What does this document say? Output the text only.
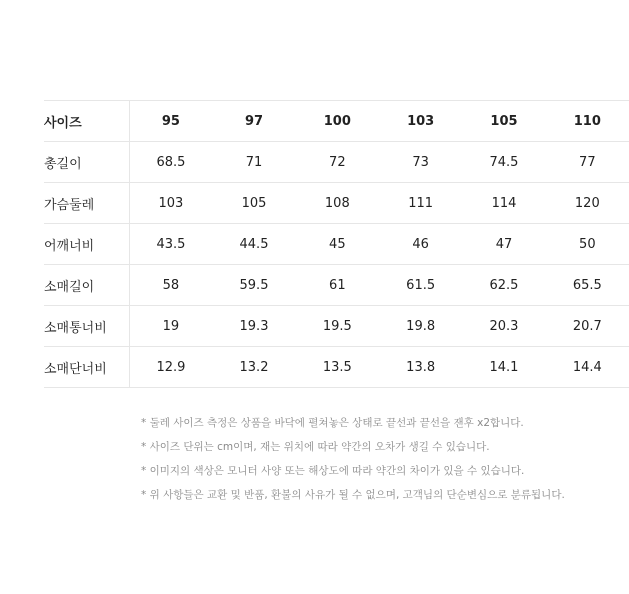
사이즈	95	97	100	103	105	110
총길이	68.5	71	72	73	74.5	77
가슴둘레	103	105	108	111	114	120
어깨너비	43.5	44.5	45	46	47	50
소매길이	58	59.5	61	61.5	62.5	65.5
소매통너비	19	19.3	19.5	19.8	20.3	20.7
소매단너비	12.9	13.2	13.5	13.8	14.1	14.4
* 둘레 사이즈 측정은 상품을 바닥에 펼쳐놓은 상태로 끝선과 끝선을 잰후 x2합니다.
* 사이즈 단위는 cm이며, 재는 위치에 따라 약간의 오차가 생길 수 있습니다.
* 이미지의 색상은 모니터 사양 또는 해상도에 따라 약간의 차이가 있을 수 있습니다.
* 위 사항들은 교환 및 반품, 환불의 사유가 될 수 없으며, 고객님의 단순변심으로 분류됩니다.
